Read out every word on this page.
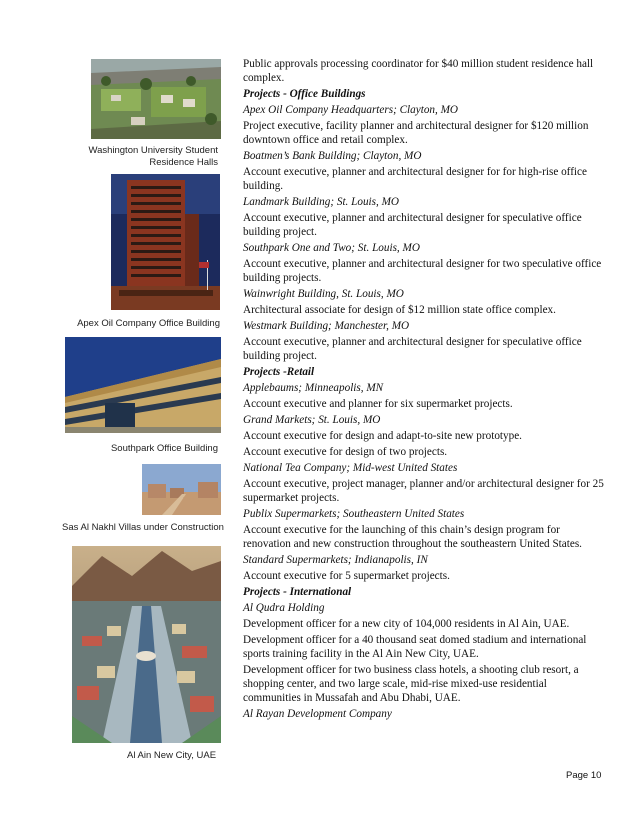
Washington University Student
Residence Halls
Apex Oil Company Office Building
Southpark Office Building
Sas Al Nakhl Villas under Construction
Al Ain New City, UAE

Public approvals processing coordinator for $40 million student residence hall complex.

Projects - Office Buildings

Apex Oil Company Headquarters; Clayton, MO

Project executive, facility planner and architectural designer for $120 million downtown office and retail complex.

Boatmen’s Bank Building; Clayton, MO

Account executive, planner and architectural designer for for high-rise office building.

Landmark Building; St. Louis, MO

Account executive, planner and architectural designer for speculative office building project.

Southpark One and Two; St. Louis, MO

Account executive, planner and architectural designer for two speculative office building projects.

Wainwright Building, St. Louis, MO

Architectural associate for design of $12 million state office complex.

Westmark Building; Manchester, MO

Account executive, planner and architectural designer for speculative office building project.

Projects -Retail

Applebaums; Minneapolis, MN

Account executive and planner for six supermarket projects.

Grand Markets; St. Louis, MO

Account executive for design and adapt-to-site new prototype.

Account executive for design of two projects.

National Tea Company; Mid-west United States

Account executive, project manager, planner and/or architectural designer for 25 supermarket projects.

Publix Supermarkets; Southeastern United States

Account executive for the launching of this chain’s design program for renovation and new construction throughout the southeastern United States.

Standard Supermarkets; Indianapolis, IN

Account executive for 5 supermarket projects.

Projects - International

Al Qudra Holding

Development officer for a new city of 104,000 residents in Al Ain, UAE.

Development officer for a 40 thousand seat domed stadium and international sports training facility in the Al Ain New City, UAE.

Development officer for two business class hotels, a shooting club resort, a shopping center, and two large scale, mid-rise mixed-use residential communities in Mussafah and Abu Dhabi, UAE.

Al Rayan Development Company

Page 10
